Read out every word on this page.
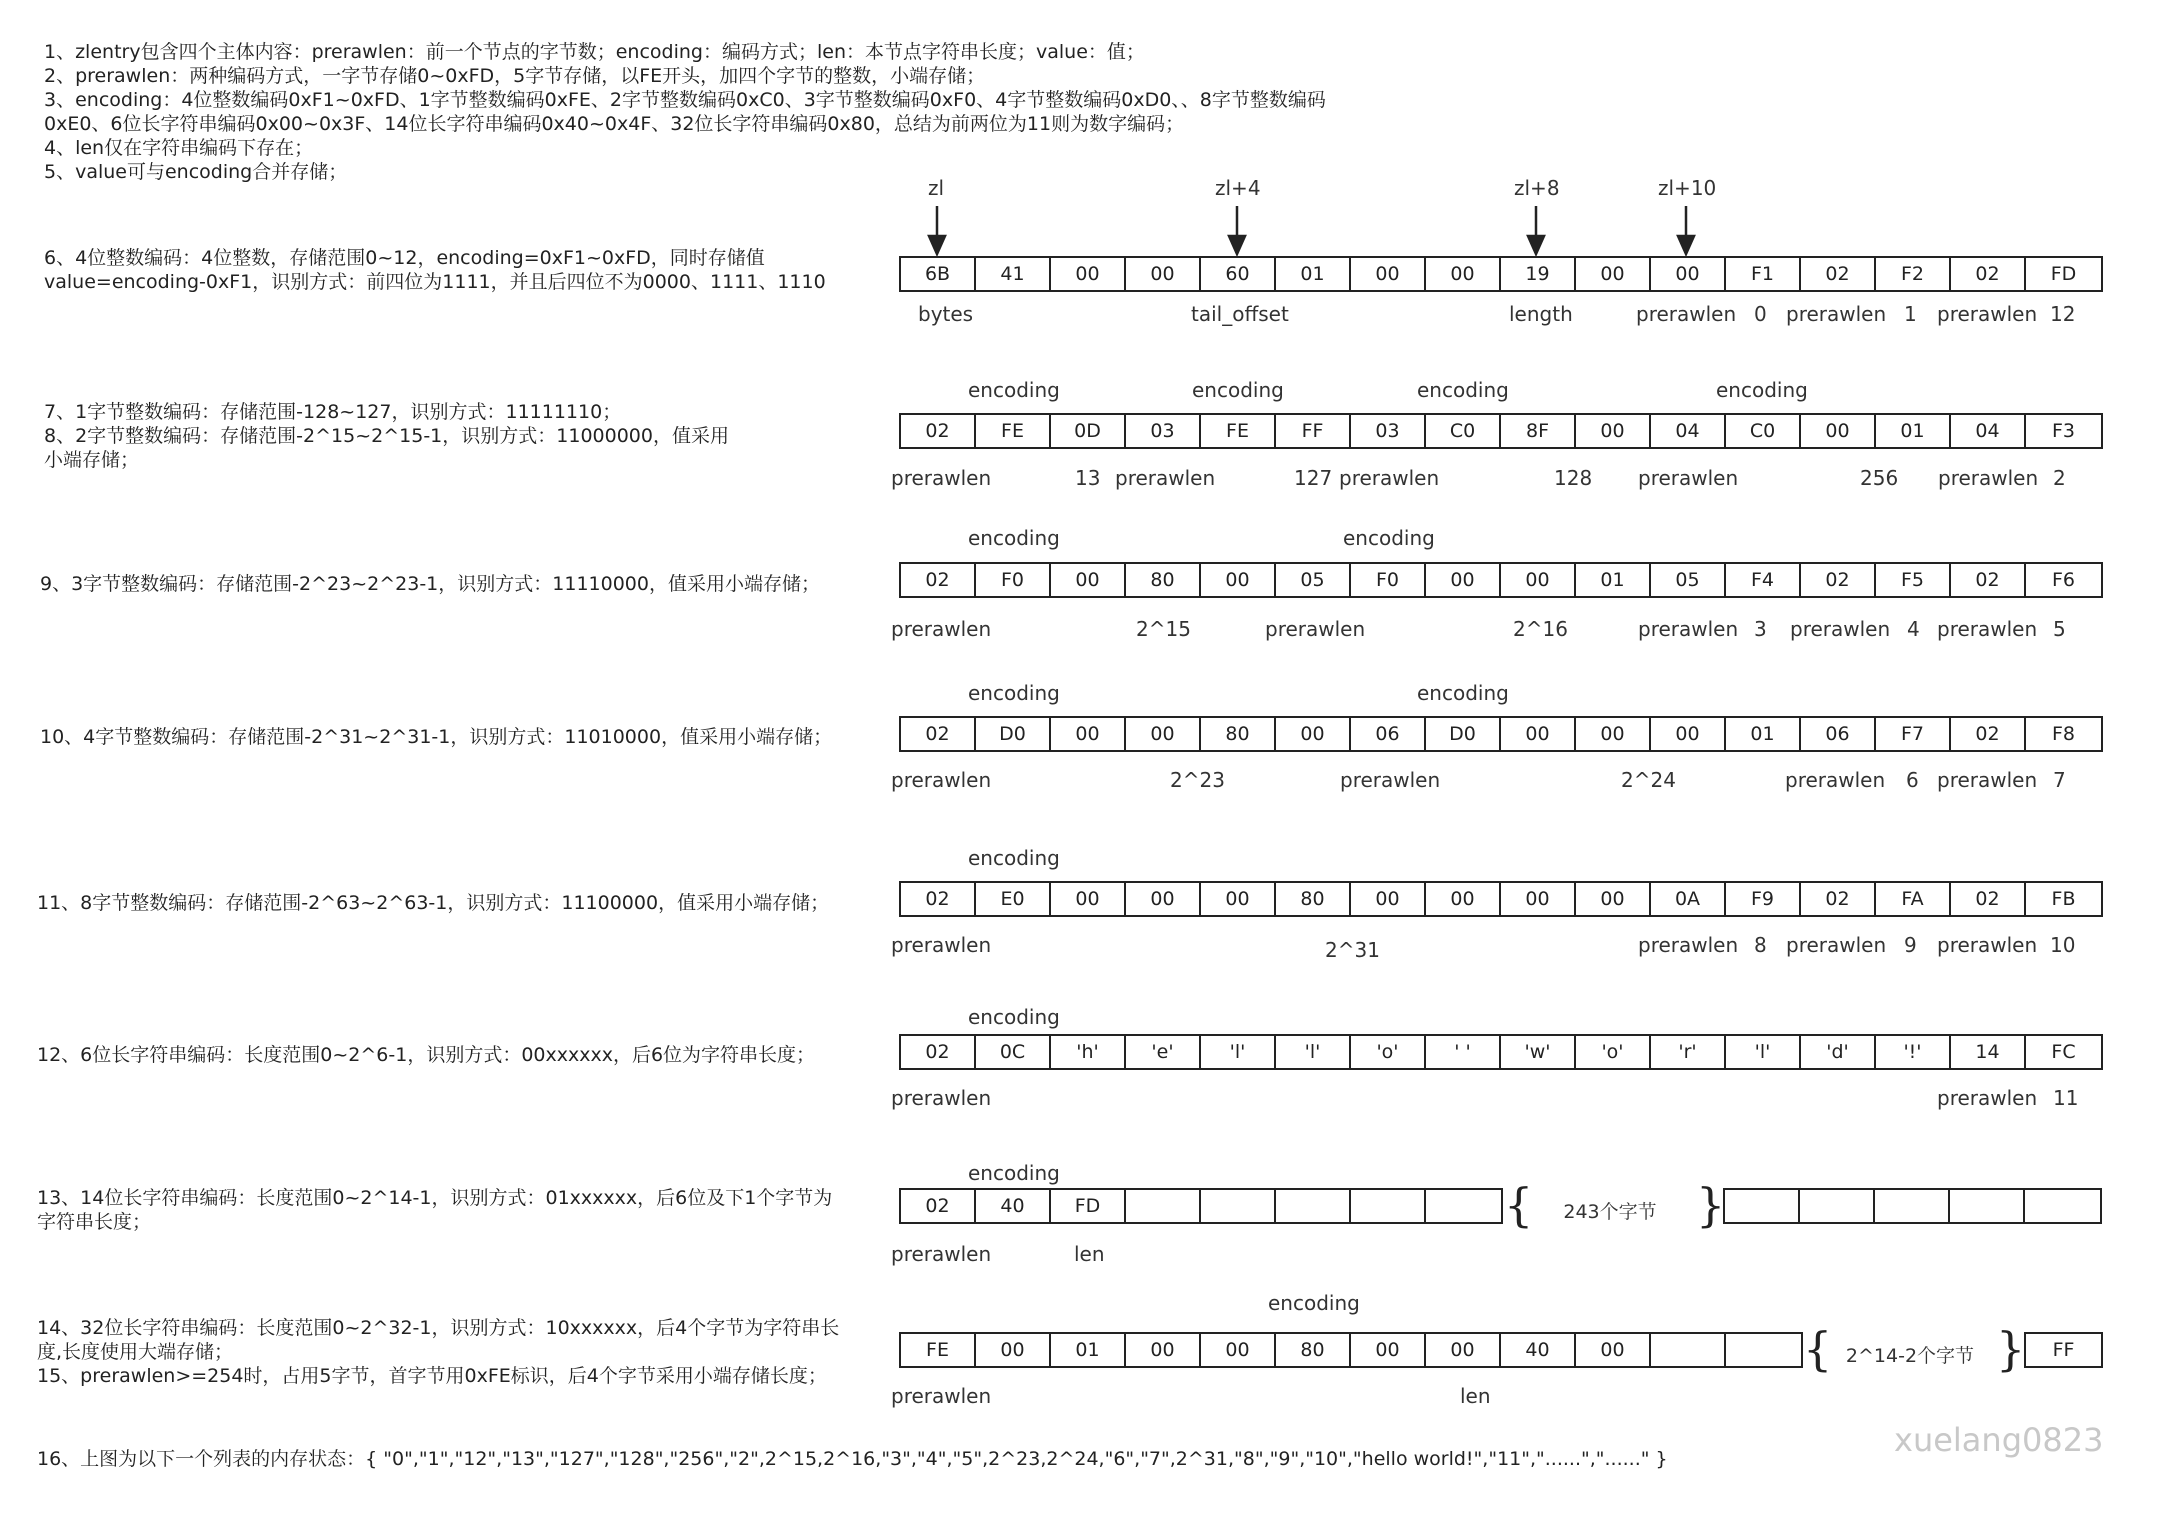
1、zlentry包含四个主体内容：prerawlen：前一个节点的字节数；encoding：编码方式；len：本节点字符串长度；value：值；
2、prerawlen：两种编码方式，一字节存储0~0xFD，5字节存储，以FE开头，加四个字节的整数，小端存储；
3、encoding：4位整数编码0xF1~0xFD、1字节整数编码0xFE、2字节整数编码0xC0、3字节整数编码0xF0、4字节整数编码0xD0、、8字节整数编码
0xE0、6位长字符串编码0x00~0x3F、14位长字符串编码0x40~0x4F、32位长字符串编码0x80，总结为前两位为11则为数字编码；
4、len仅在字符串编码下存在；
5、value可与encoding合并存储；
zl	zl+4	zl+8	zl+10
6、4位整数编码：4位整数，存储范围0~12，encoding=0xF1~0xFD，同时存储值
value=encoding-0xF1，识别方式：前四位为1111，并且后四位不为0000、1111、1110	6B	41	00	00	60	01	00	00	19	00	00	F1	02	F2	02	FD
bytes	tail_offset	length	prerawlen 0 prerawlen 1 prerawlen 12
7、1字节整数编码：存储范围-128~127，识别方式：11111110；
8、2字节整数编码：存储范围-2^15~2^15-1，识别方式：11000000，值采用
小端存储；
encoding	encoding	encoding	encoding
02	FE	0D	03	FE	FF	03	C0	8F	00	04	C0	00	01	04	F3
prerawlen	13 prerawlen	127 prerawlen	128 prerawlen	256 prerawlen 2
9、3字节整数编码：存储范围-2^23~2^23-1，识别方式：11110000，值采用小端存储；
encoding	encoding
02	F0	00	80	00	05	F0	00	00	01	05	F4	02	F5	02	F6
prerawlen	2^15	prerawlen	2^16	prerawlen 3 prerawlen 4 prerawlen 5
10、4字节整数编码：存储范围-2^31~2^31-1，识别方式：11010000，值采用小端存储；
encoding	encoding
02	D0	00	00	80	00	06	D0	00	00	00	01	06	F7	02	F8
prerawlen	2^23	prerawlen	2^24	prerawlen 6 prerawlen 7
11、8字节整数编码：存储范围-2^63~2^63-1，识别方式：11100000，值采用小端存储；
encoding
02	E0	00	00	00	80	00	00	00	00	0A	F9	02	FA	02	FB
prerawlen	2^31	prerawlen 8 prerawlen 9 prerawlen 10
12、6位长字符串编码：长度范围0~2^6-1，识别方式：00xxxxxx，后6位为字符串长度；
encoding
02	0C	'h'	'e'	'l'	'l'	'o'	' '	'w'	'o'	'r'	'l'	'd'	'!'	14	FC
prerawlen	prerawlen 11
13、14位长字符串编码：长度范围0~2^14-1，识别方式：01xxxxxx，后6位及下1个字节为
字符串长度；
encoding
02	40	FD	{	243个字节 }
prerawlen	len
14、32位长字符串编码：长度范围0~2^32-1，识别方式：10xxxxxx，后4个字节为字符串长
度,长度使用大端存储；
15、prerawlen>=254时，占用5字节，首字节用0xFE标识，后4个字节采用小端存储长度；
encoding
FE	00	01	00	00	80	00	00	40	00	{ 2^14-2个字节 }	FF
prerawlen	len
16、上图为以下一个列表的内存状态：{ "0","1","12","13","127","128","256","2",2^15,2^16,"3","4","5",2^23,2^24,"6","7",2^31,"8","9","10","hello world!","11","......","......" }	xuelang0823
